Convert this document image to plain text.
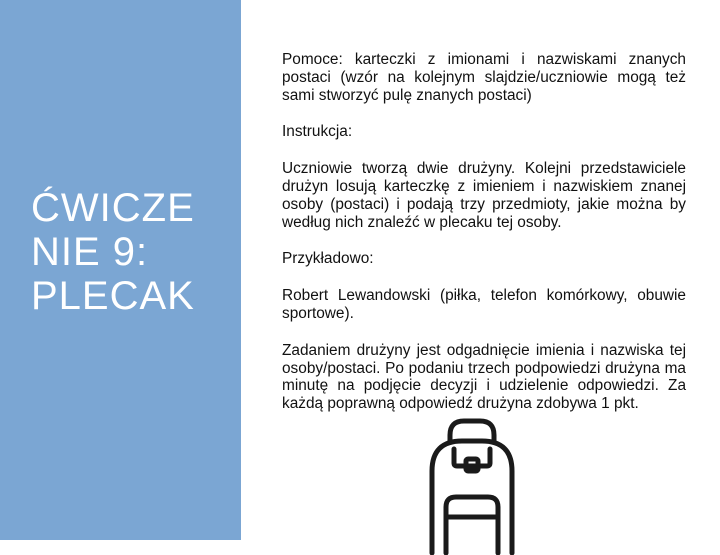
ĆWICZE NIE 9: PLECAK

Pomoce: karteczki z imionami i nazwiskami znanych postaci (wzór na kolejnym slajdzie/uczniowie mogą też sami stworzyć pulę znanych postaci)

Instrukcja:

Uczniowie tworzą dwie drużyny. Kolejni przedstawiciele drużyn losują karteczkę z imieniem i nazwiskiem znanej osoby (postaci) i podają trzy przedmioty, jakie można by według nich znaleźć w plecaku tej osoby.

Przykładowo:

Robert Lewandowski (piłka, telefon komórkowy, obuwie sportowe).

Zadaniem drużyny jest odgadnięcie imienia i nazwiska tej osoby/postaci. Po podaniu trzech podpowiedzi drużyna ma minutę na podjęcie decyzji i udzielenie odpowiedzi. Za każdą poprawną odpowiedź drużyna zdobywa 1 pkt.
